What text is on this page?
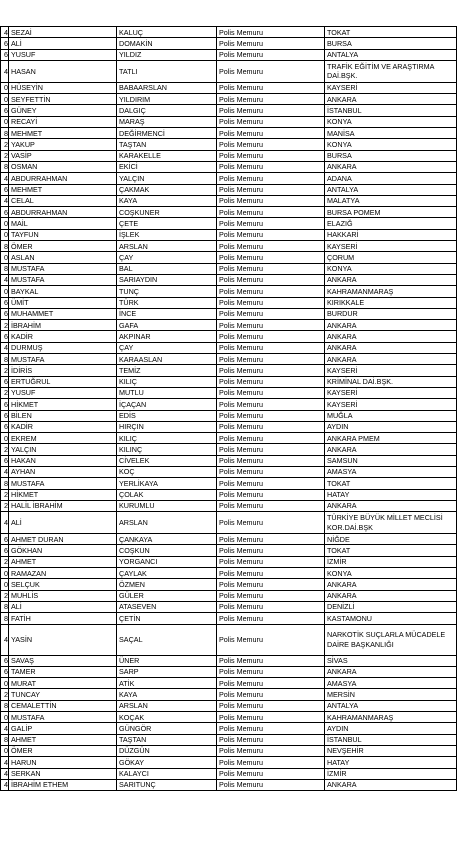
4	SEZAİ	KALUÇ	Polis Memuru	TOKAT
6	ALİ	DOMAKİN	Polis Memuru	BURSA
6	YUSUF	YILDIZ	Polis Memuru	ANTALYA
4	HASAN	TATLI	Polis Memuru	TRAFİK EĞİTİM VE ARAŞTIRMA DAİ.BŞK.
0	HÜSEYİN	BABAARSLAN	Polis Memuru	KAYSERİ
0	SEYFETTİN	YILDIRIM	Polis Memuru	ANKARA
6	GÜNEY	DALGIÇ	Polis Memuru	İSTANBUL
0	RECAYİ	MARAŞ	Polis Memuru	KONYA
8	MEHMET	DEĞİRMENCİ	Polis Memuru	MANİSA
2	YAKUP	TAŞTAN	Polis Memuru	KONYA
2	VASİP	KARAKELLE	Polis Memuru	BURSA
8	OSMAN	EKİCİ	Polis Memuru	ANKARA
4	ABDURRAHMAN	YALÇIN	Polis Memuru	ADANA
6	MEHMET	ÇAKMAK	Polis Memuru	ANTALYA
4	CELAL	KAYA	Polis Memuru	MALATYA
6	ABDURRAHMAN	COŞKUNER	Polis Memuru	BURSA POMEM
0	MAİL	ÇETE	Polis Memuru	ELAZIĞ
0	TAYFUN	İŞLEK	Polis Memuru	HAKKARİ
8	ÖMER	ARSLAN	Polis Memuru	KAYSERİ
0	ASLAN	ÇAY	Polis Memuru	ÇORUM
8	MUSTAFA	BAL	Polis Memuru	KONYA
4	MUSTAFA	SARIAYDIN	Polis Memuru	ANKARA
0	BAYKAL	TUNÇ	Polis Memuru	KAHRAMANMARAŞ
6	ÜMİT	TÜRK	Polis Memuru	KIRIKKALE
6	MUHAMMET	İNCE	Polis Memuru	BURDUR
2	İBRAHİM	GAFA	Polis Memuru	ANKARA
6	KADİR	AKPINAR	Polis Memuru	ANKARA
4	DURMUŞ	ÇAY	Polis Memuru	ANKARA
8	MUSTAFA	KARAASLAN	Polis Memuru	ANKARA
2	İDİRİS	TEMİZ	Polis Memuru	KAYSERİ
6	ERTUĞRUL	KILIÇ	Polis Memuru	KRİMİNAL DAİ.BŞK.
2	YUSUF	MUTLU	Polis Memuru	KAYSERİ
6	HİKMET	İÇAÇAN	Polis Memuru	KAYSERİ
6	BİLEN	EDİS	Polis Memuru	MUĞLA
6	KADİR	HIRÇIN	Polis Memuru	AYDIN
0	EKREM	KILIÇ	Polis Memuru	ANKARA PMEM
2	YALÇIN	KILINÇ	Polis Memuru	ANKARA
6	HAKAN	CİVELEK	Polis Memuru	SAMSUN
4	AYHAN	KOÇ	Polis Memuru	AMASYA
8	MUSTAFA	YERLİKAYA	Polis Memuru	TOKAT
2	HİKMET	ÇOLAK	Polis Memuru	HATAY
2	HALİL İBRAHİM	KURUMLU	Polis Memuru	ANKARA
4	ALİ	ARSLAN	Polis Memuru	TÜRKİYE BÜYÜK MİLLET MECLİSİ KOR.DAİ.BŞK
6	AHMET DURAN	ÇANKAYA	Polis Memuru	NİĞDE
6	GÖKHAN	COŞKUN	Polis Memuru	TOKAT
2	AHMET	YORGANCI	Polis Memuru	İZMİR
0	RAMAZAN	ÇAYLAK	Polis Memuru	KONYA
0	SELÇUK	ÖZMEN	Polis Memuru	ANKARA
2	MUHLİS	GÜLER	Polis Memuru	ANKARA
8	ALİ	ATASEVEN	Polis Memuru	DENİZLİ
8	FATİH	ÇETİN	Polis Memuru	KASTAMONU
4	YASİN	SAÇAL	Polis Memuru	NARKOTİK SUÇLARLA MÜCADELE DAİRE BAŞKANLIĞI
6	SAVAŞ	ÜNER	Polis Memuru	SİVAS
6	TAMER	SARP	Polis Memuru	ANKARA
0	MURAT	ATİK	Polis Memuru	AMASYA
2	TUNCAY	KAYA	Polis Memuru	MERSİN
8	CEMALETTİN	ARSLAN	Polis Memuru	ANTALYA
0	MUSTAFA	KOÇAK	Polis Memuru	KAHRAMANMARAŞ
4	GALİP	GÜNGÖR	Polis Memuru	AYDIN
8	AHMET	TAŞTAN	Polis Memuru	İSTANBUL
0	ÖMER	DÜZGÜN	Polis Memuru	NEVŞEHİR
4	HARUN	GÖKAY	Polis Memuru	HATAY
4	SERKAN	KALAYCI	Polis Memuru	İZMİR
4	İBRAHİM ETHEM	SARITUNÇ	Polis Memuru	ANKARA
